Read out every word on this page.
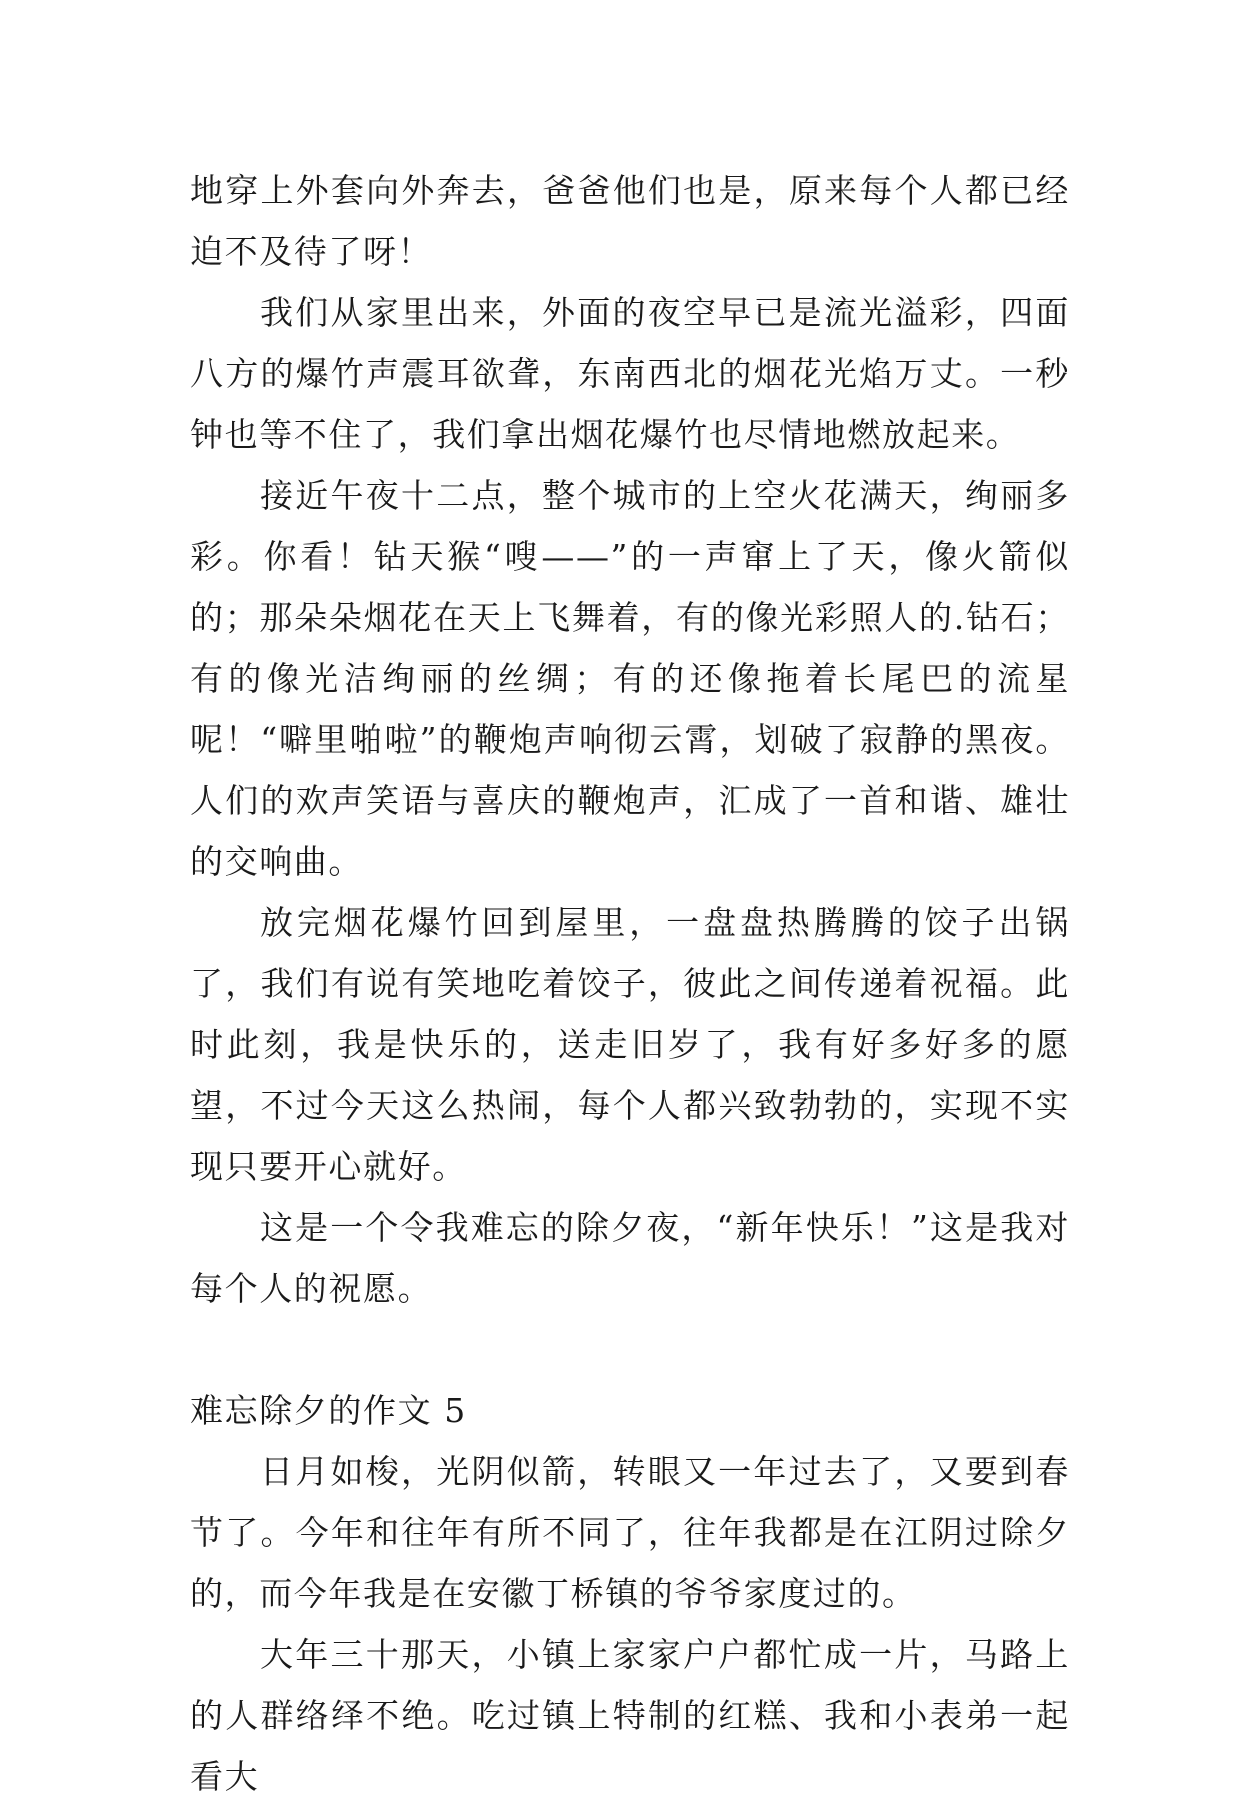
地穿上外套向外奔去，爸爸他们也是，原来每个人都已经迫不及待了呀！

我们从家里出来，外面的夜空早已是流光溢彩，四面八方的爆竹声震耳欲聋，东南西北的烟花光焰万丈。一秒钟也等不住了，我们拿出烟花爆竹也尽情地燃放起来。

接近午夜十二点，整个城市的上空火花满天，绚丽多彩。你看！钻天猴“嗖——”的一声窜上了天，像火箭似的；那朵朵烟花在天上飞舞着，有的像光彩照人的.钻石；有的像光洁绚丽的丝绸；有的还像拖着长尾巴的流星呢！“噼里啪啦”的鞭炮声响彻云霄，划破了寂静的黑夜。人们的欢声笑语与喜庆的鞭炮声，汇成了一首和谐、雄壮的交响曲。

放完烟花爆竹回到屋里，一盘盘热腾腾的饺子出锅了，我们有说有笑地吃着饺子，彼此之间传递着祝福。此时此刻，我是快乐的，送走旧岁了，我有好多好多的愿望，不过今天这么热闹，每个人都兴致勃勃的，实现不实现只要开心就好。

这是一个令我难忘的除夕夜，“新年快乐！”这是我对每个人的祝愿。

难忘除夕的作文 5

日月如梭，光阴似箭，转眼又一年过去了，又要到春节了。今年和往年有所不同了，往年我都是在江阴过除夕的，而今年我是在安徽丁桥镇的爷爷家度过的。

大年三十那天，小镇上家家户户都忙成一片，马路上的人群络绎不绝。吃过镇上特制的红糕、我和小表弟一起看大
